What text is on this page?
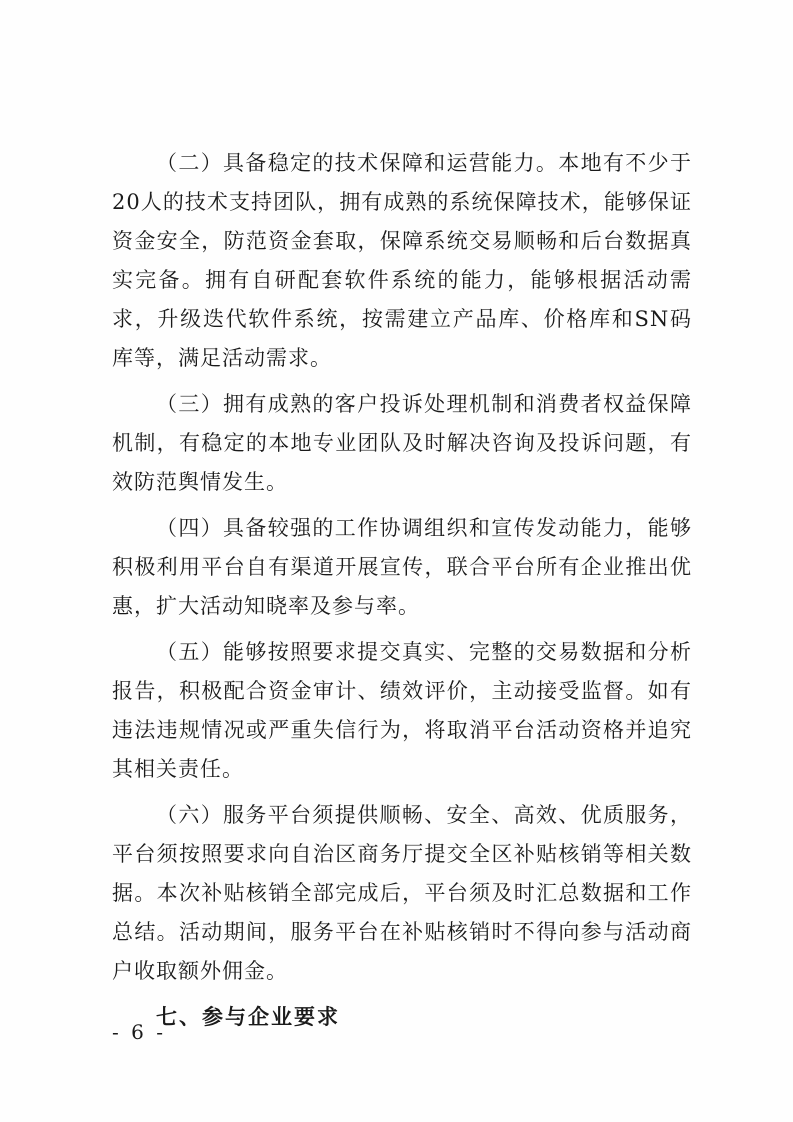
（二）具备稳定的技术保障和运营能力。本地有不少于20人的技术支持团队，拥有成熟的系统保障技术，能够保证资金安全，防范资金套取，保障系统交易顺畅和后台数据真实完备。拥有自研配套软件系统的能力，能够根据活动需求，升级迭代软件系统，按需建立产品库、价格库和SN码库等，满足活动需求。

（三）拥有成熟的客户投诉处理机制和消费者权益保障机制，有稳定的本地专业团队及时解决咨询及投诉问题，有效防范舆情发生。

（四）具备较强的工作协调组织和宣传发动能力，能够积极利用平台自有渠道开展宣传，联合平台所有企业推出优惠，扩大活动知晓率及参与率。

（五）能够按照要求提交真实、完整的交易数据和分析报告，积极配合资金审计、绩效评价，主动接受监督。如有违法违规情况或严重失信行为，将取消平台活动资格并追究其相关责任。

（六）服务平台须提供顺畅、安全、高效、优质服务，平台须按照要求向自治区商务厅提交全区补贴核销等相关数据。本次补贴核销全部完成后，平台须及时汇总数据和工作总结。活动期间，服务平台在补贴核销时不得向参与活动商户收取额外佣金。

七、参与企业要求

- 6 -
